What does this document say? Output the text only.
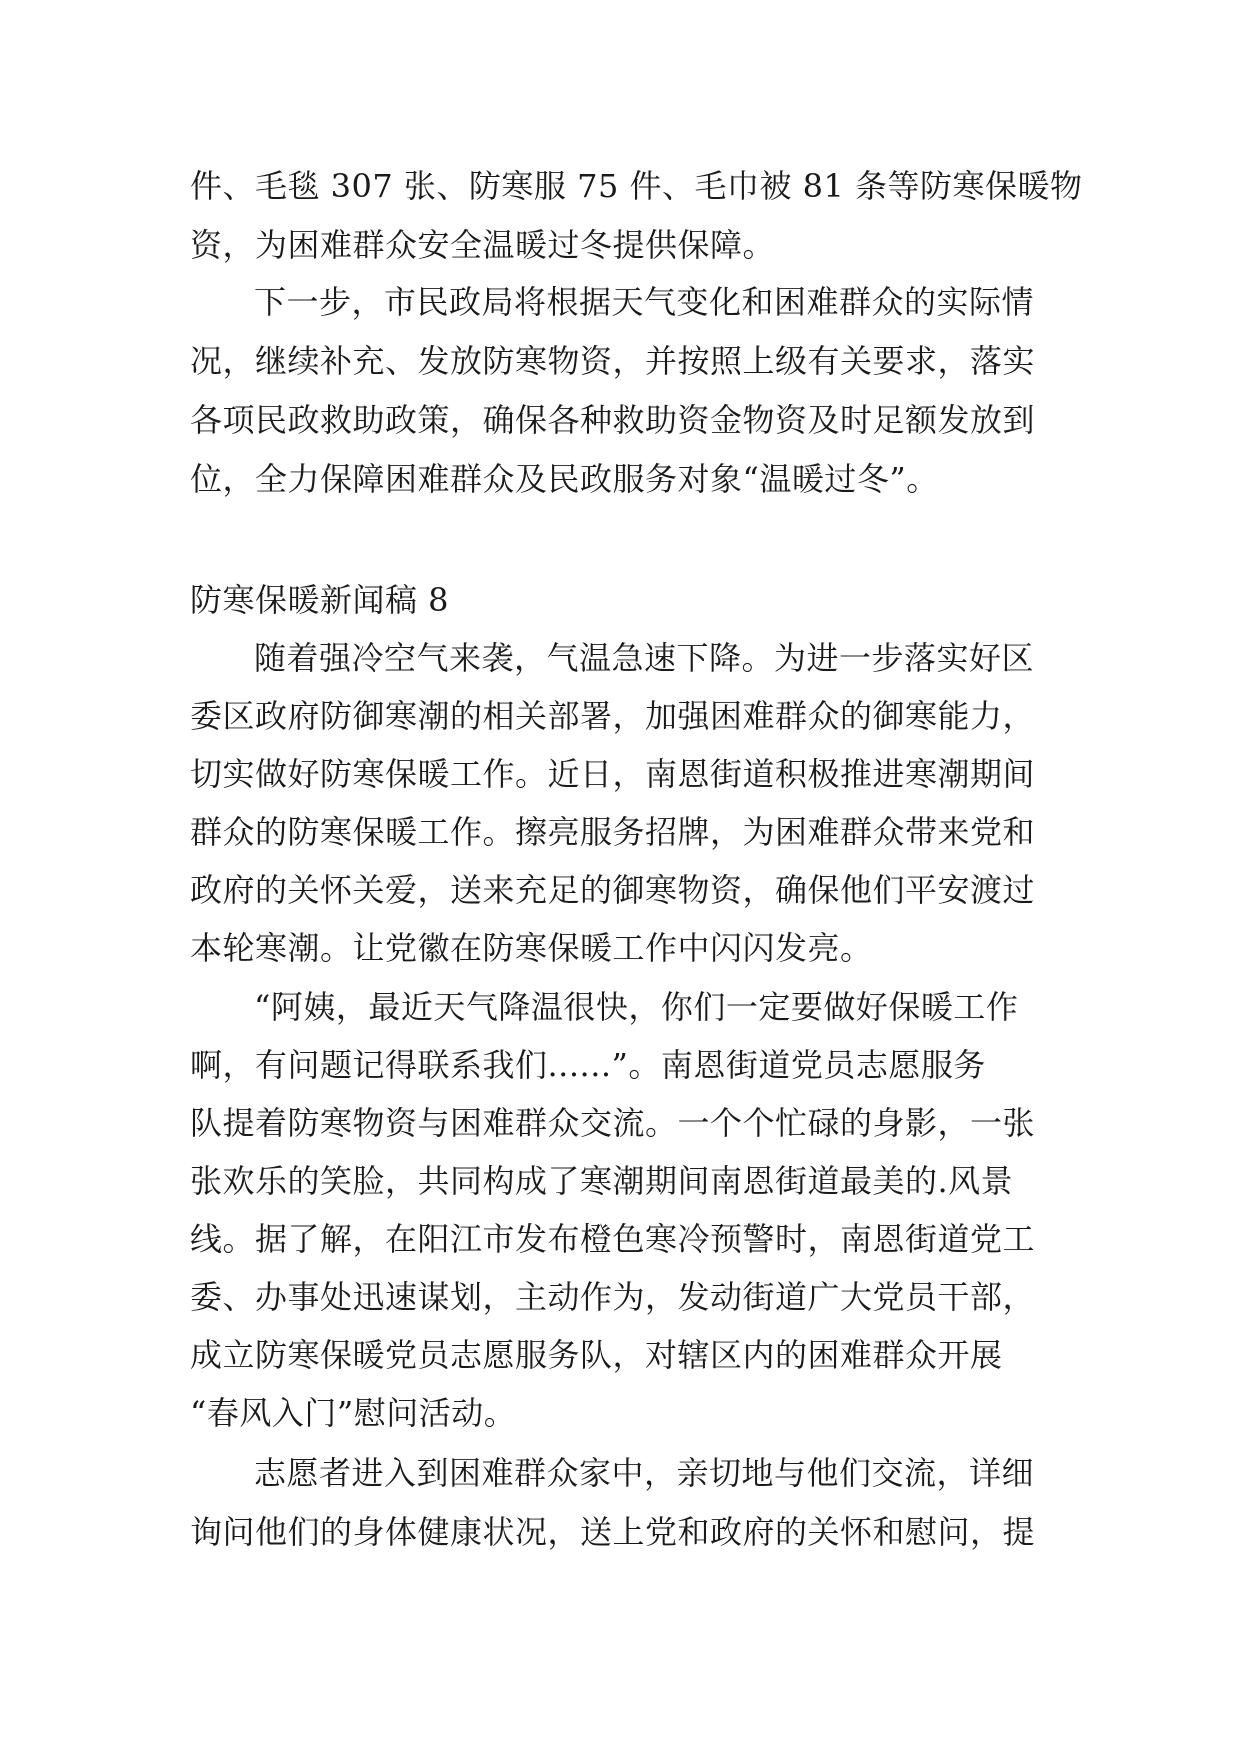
件、毛毯 307 张、防寒服 75 件、毛巾被 81 条等防寒保暖物
资，为困难群众安全温暖过冬提供保障。
下一步，市民政局将根据天气变化和困难群众的实际情
况，继续补充、发放防寒物资，并按照上级有关要求，落实
各项民政救助政策，确保各种救助资金物资及时足额发放到
位，全力保障困难群众及民政服务对象“温暖过冬”。
防寒保暖新闻稿 8
随着强冷空气来袭，气温急速下降。为进一步落实好区
委区政府防御寒潮的相关部署，加强困难群众的御寒能力，
切实做好防寒保暖工作。近日，南恩街道积极推进寒潮期间
群众的防寒保暖工作。擦亮服务招牌，为困难群众带来党和
政府的关怀关爱，送来充足的御寒物资，确保他们平安渡过
本轮寒潮。让党徽在防寒保暖工作中闪闪发亮。
“阿姨，最近天气降温很快，你们一定要做好保暖工作
啊，有问题记得联系我们......”。南恩街道党员志愿服务
队提着防寒物资与困难群众交流。一个个忙碌的身影，一张
张欢乐的笑脸，共同构成了寒潮期间南恩街道最美的.风景
线。据了解，在阳江市发布橙色寒冷预警时，南恩街道党工
委、办事处迅速谋划，主动作为，发动街道广大党员干部，
成立防寒保暖党员志愿服务队，对辖区内的困难群众开展
“春风入门”慰问活动。
志愿者进入到困难群众家中，亲切地与他们交流，详细
询问他们的身体健康状况，送上党和政府的关怀和慰问，提
